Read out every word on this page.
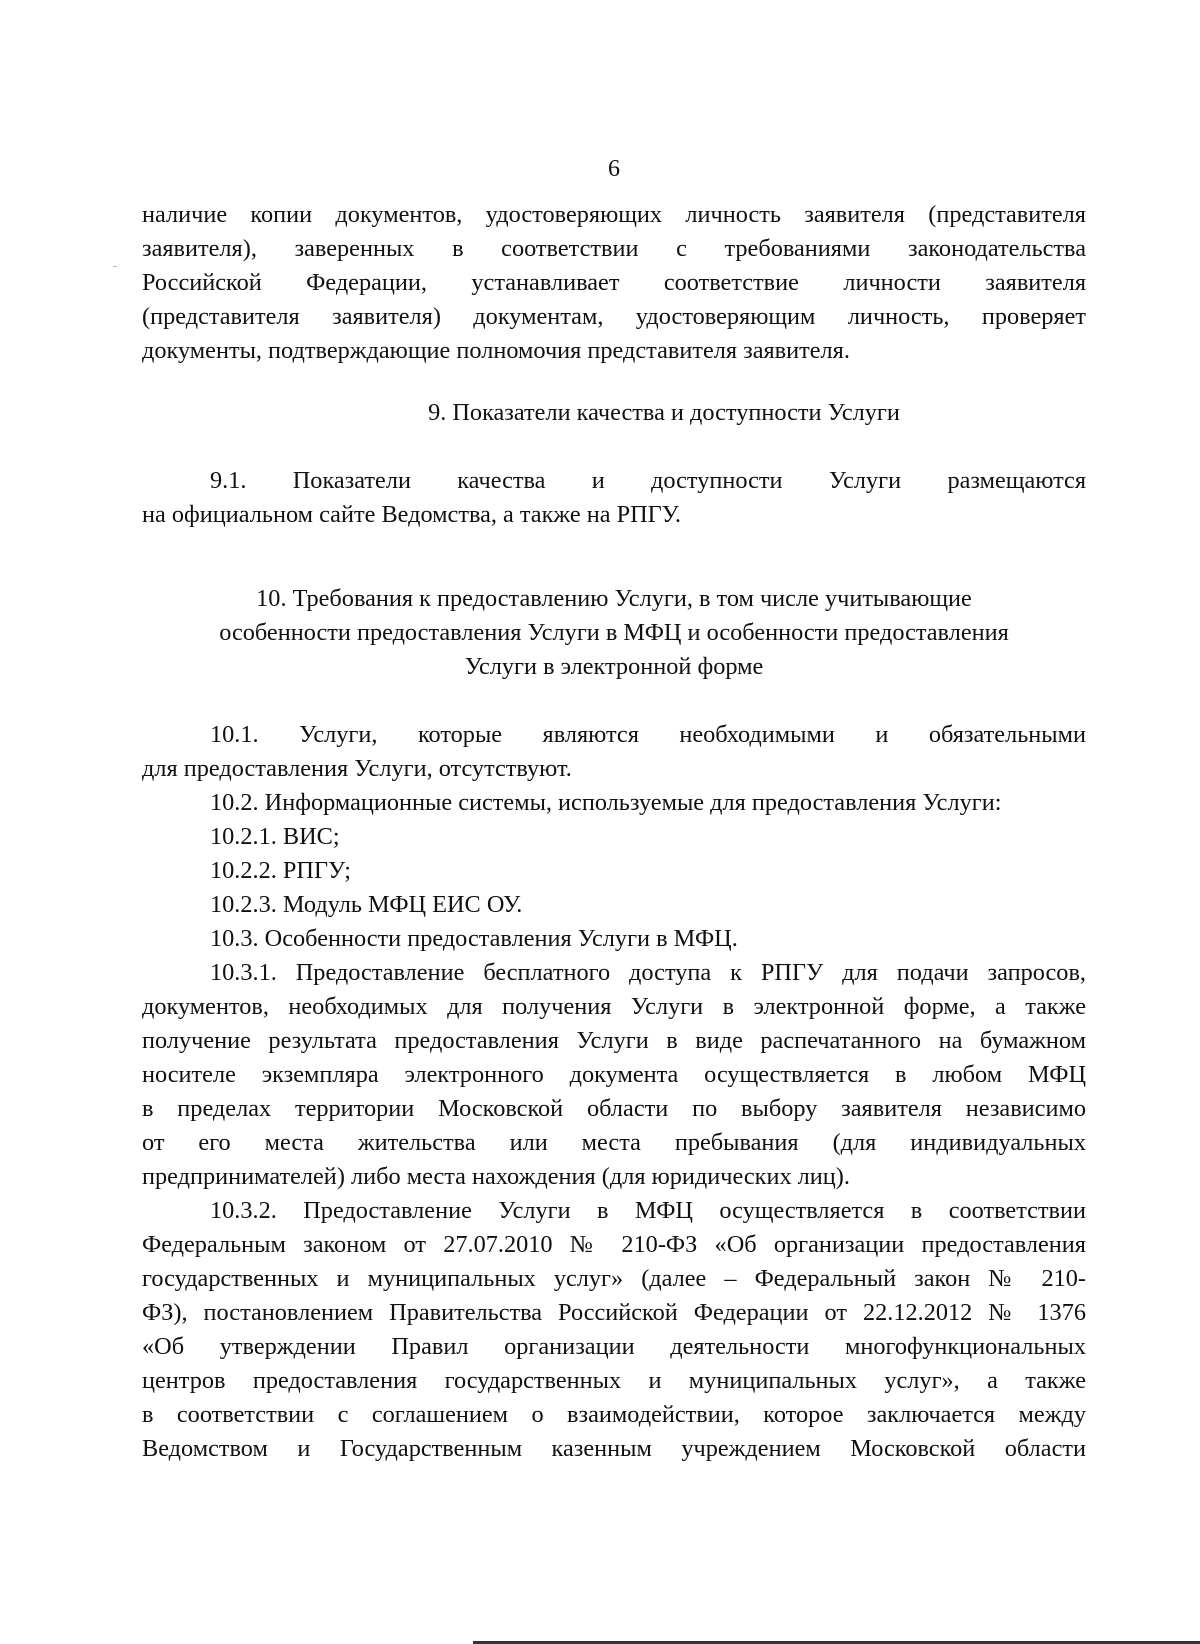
6
наличие копии документов, удостоверяющих личность заявителя (представителя
заявителя), заверенных в соответствии с требованиями законодательства
Российской Федерации, устанавливает соответствие личности заявителя
(представителя заявителя) документам, удостоверяющим личность, проверяет
документы, подтверждающие полномочия представителя заявителя.
9. Показатели качества и доступности Услуги
9.1. Показатели качества и доступности Услуги размещаются
на официальном сайте Ведомства, а также на РПГУ.
10. Требования к предоставлению Услуги, в том числе учитывающие
особенности предоставления Услуги в МФЦ и особенности предоставления
Услуги в электронной форме
10.1. Услуги, которые являются необходимыми и обязательными
для предоставления Услуги, отсутствуют.
10.2. Информационные системы, используемые для предоставления Услуги:
10.2.1. ВИС;
10.2.2. РПГУ;
10.2.3. Модуль МФЦ ЕИС ОУ.
10.3. Особенности предоставления Услуги в МФЦ.
10.3.1. Предоставление бесплатного доступа к РПГУ для подачи запросов,
документов, необходимых для получения Услуги в электронной форме, а также
получение результата предоставления Услуги в виде распечатанного на бумажном
носителе экземпляра электронного документа осуществляется в любом МФЦ
в пределах территории Московской области по выбору заявителя независимо
от его места жительства или места пребывания (для индивидуальных
предпринимателей) либо места нахождения (для юридических лиц).
10.3.2. Предоставление Услуги в МФЦ осуществляется в соответствии
Федеральным законом от 27.07.2010 № 210-ФЗ «Об организации предоставления
государственных и муниципальных услуг» (далее – Федеральный закон № 210-
ФЗ), постановлением Правительства Российской Федерации от 22.12.2012 № 1376
«Об утверждении Правил организации деятельности многофункциональных
центров предоставления государственных и муниципальных услуг», а также
в соответствии с соглашением о взаимодействии, которое заключается между
Ведомством и Государственным казенным учреждением Московской области
